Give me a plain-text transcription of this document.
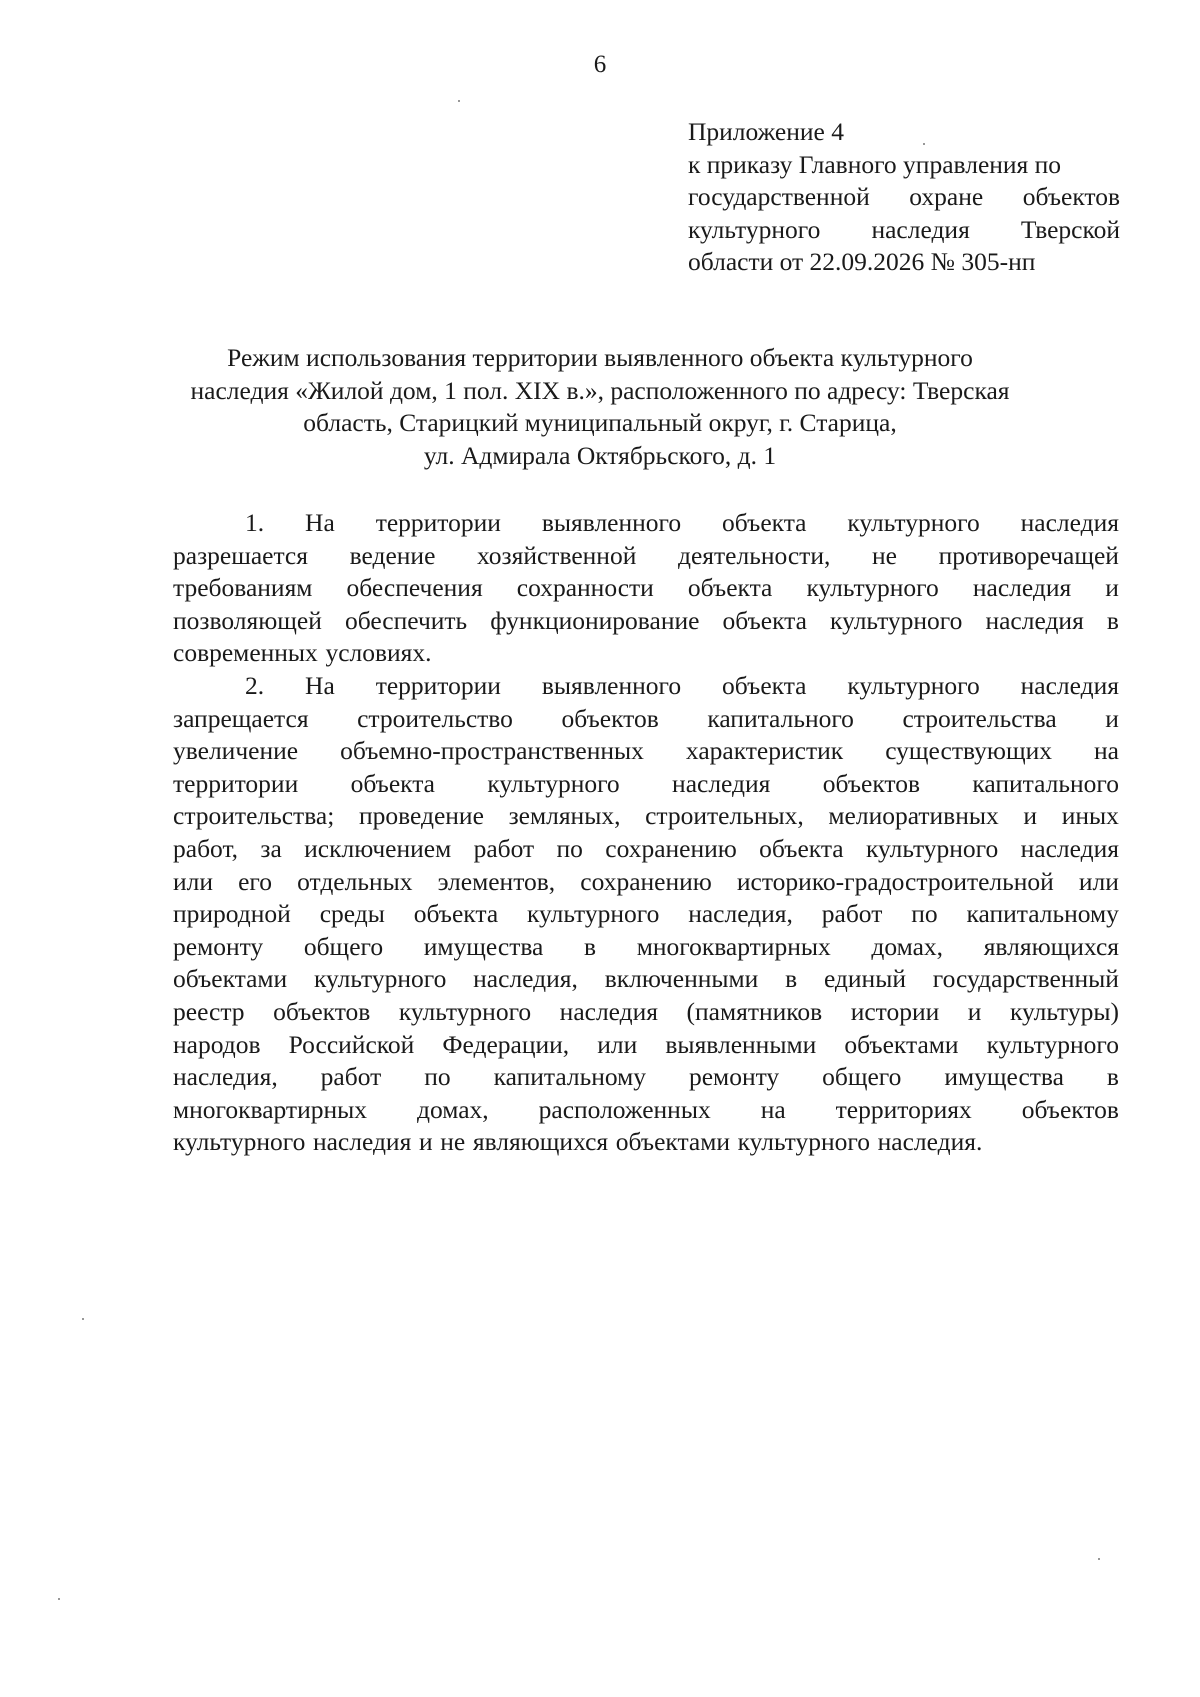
6
Приложение 4
к приказу Главного управления по
государственной охране объектов
культурного наследия Тверской
области от 22.09.2026 № 305-нп
Режим использования территории выявленного объекта культурного
наследия «Жилой дом, 1 пол. XIX в.», расположенного по адресу: Тверская
область, Старицкий муниципальный округ, г. Старица,
ул. Адмирала Октябрьского, д. 1
1. На территории выявленного объекта культурного наследия
разрешается ведение хозяйственной деятельности, не противоречащей
требованиям обеспечения сохранности объекта культурного наследия и
позволяющей обеспечить функционирование объекта культурного наследия в
современных условиях.
2. На территории выявленного объекта культурного наследия
запрещается строительство объектов капитального строительства и
увеличение объемно-пространственных характеристик существующих на
территории объекта культурного наследия объектов капитального
строительства; проведение земляных, строительных, мелиоративных и иных
работ, за исключением работ по сохранению объекта культурного наследия
или его отдельных элементов, сохранению историко-градостроительной или
природной среды объекта культурного наследия, работ по капитальному
ремонту общего имущества в многоквартирных домах, являющихся
объектами культурного наследия, включенными в единый государственный
реестр объектов культурного наследия (памятников истории и культуры)
народов Российской Федерации, или выявленными объектами культурного
наследия, работ по капитальному ремонту общего имущества в
многоквартирных домах, расположенных на территориях объектов
культурного наследия и не являющихся объектами культурного наследия.
